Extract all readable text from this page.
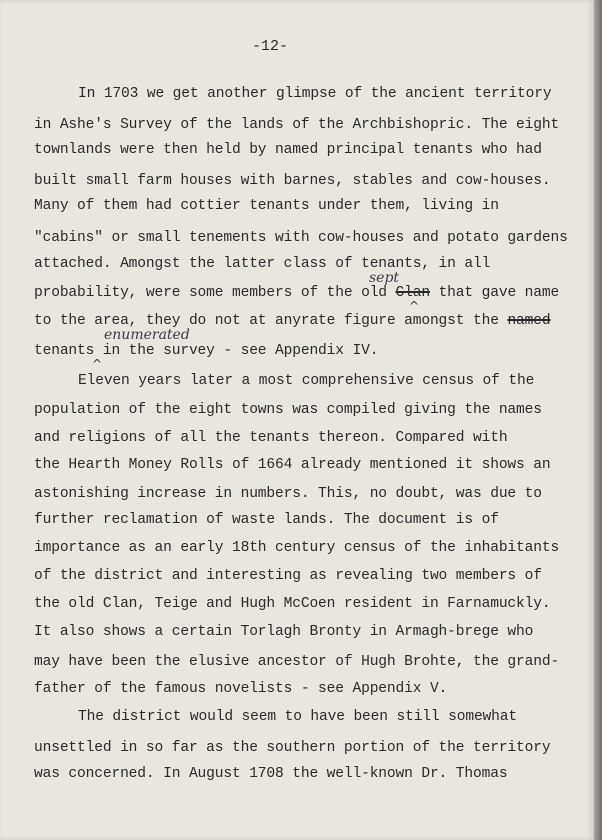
-12-
In 1703 we get another glimpse of the ancient territory
in Ashe's Survey of the lands of the Archbishopric. The eight
townlands were then held by named principal tenants who had
built small farm houses with barnes, stables and cow-houses.
Many of them had cottier tenants under them, living in
"cabins" or small tenements with cow-houses and potato gardens
attached. Amongst the latter class of tenants, in all
sept
probability, were some members of the old Clan that gave name
^
to the area, they do not at anyrate figure amongst the named
enumerated
tenants in the survey - see Appendix IV.
^
Eleven years later a most comprehensive census of the
population of the eight towns was compiled giving the names
and religions of all the tenants thereon. Compared with
the Hearth Money Rolls of 1664 already mentioned it shows an
astonishing increase in numbers. This, no doubt, was due to
further reclamation of waste lands. The document is of
importance as an early 18th century census of the inhabitants
of the district and interesting as revealing two members of
the old Clan, Teige and Hugh McCoen resident in Farnamuckly.
It also shows a certain Torlagh Bronty in Armagh-brege who
may have been the elusive ancestor of Hugh Brohte, the grand-
father of the famous novelists - see Appendix V.
The district would seem to have been still somewhat
unsettled in so far as the southern portion of the territory
was concerned. In August 1708 the well-known Dr. Thomas
